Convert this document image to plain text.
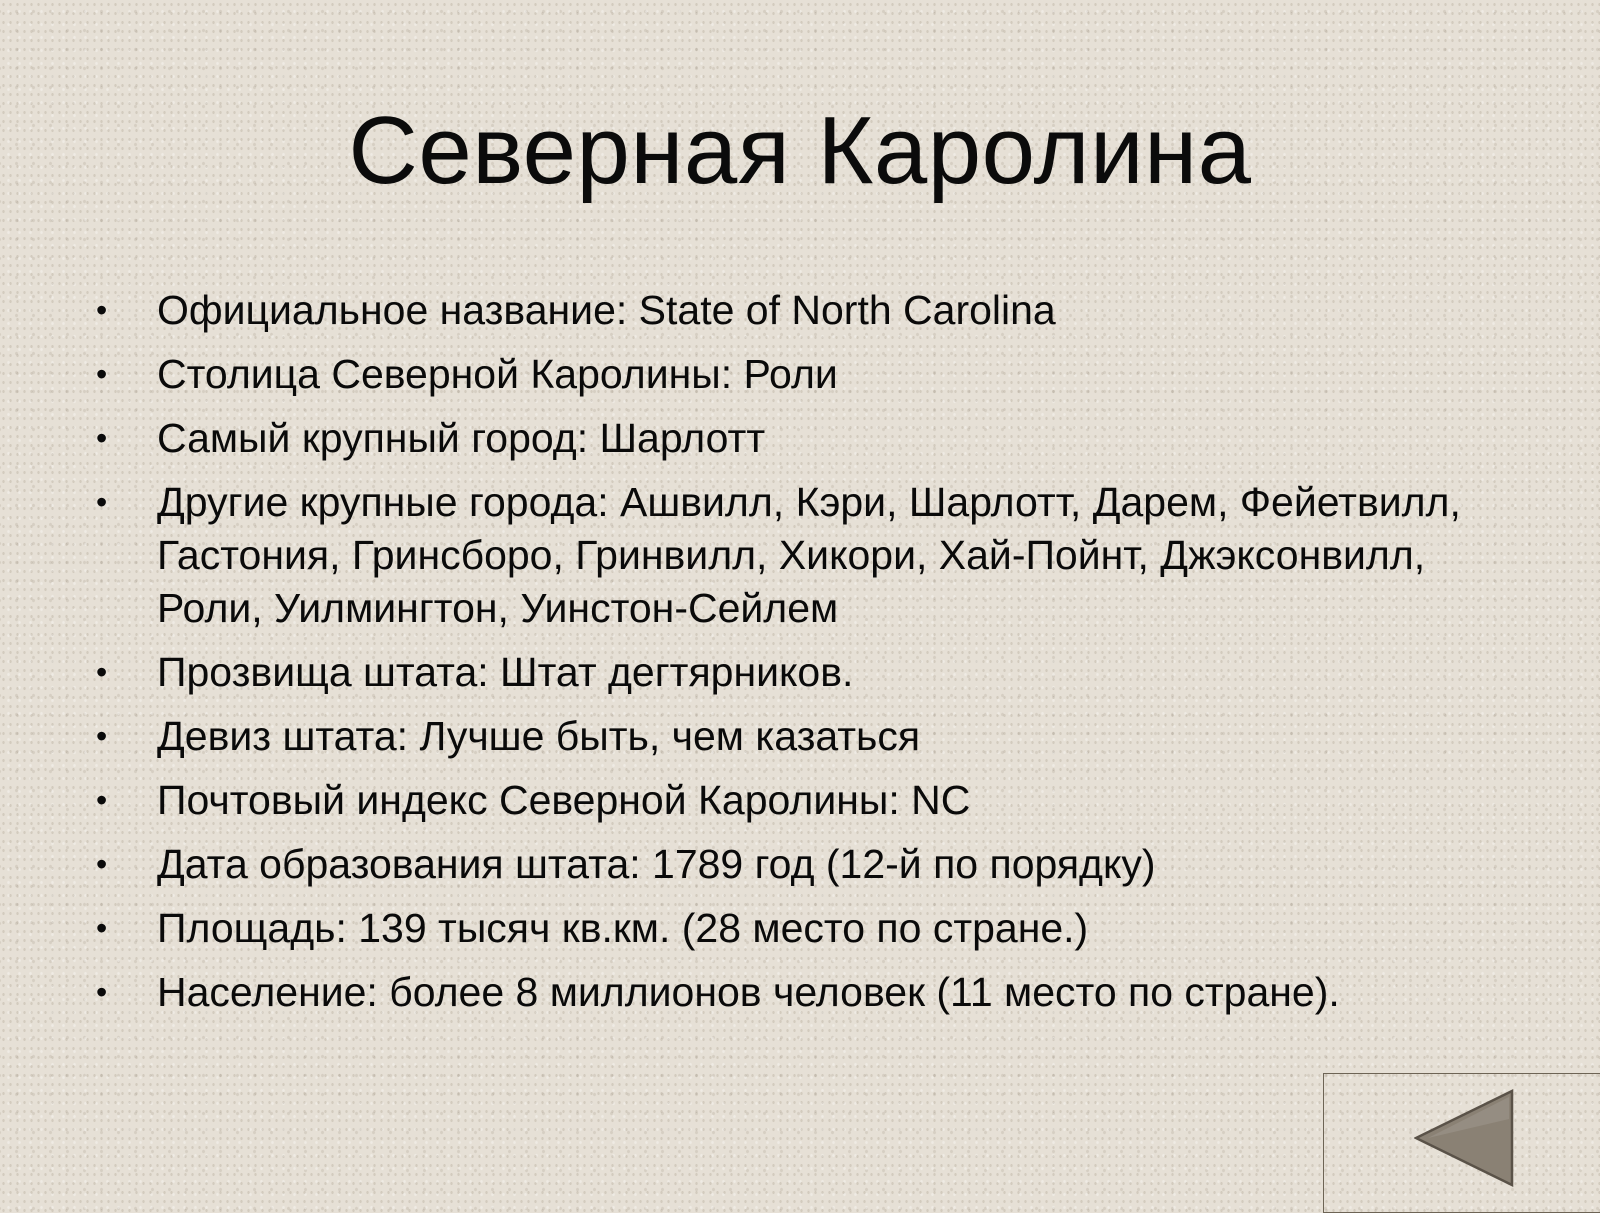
Северная Каролина
• Официальное название: State of North Carolina
• Столица Северной Каролины: Роли
• Самый крупный город: Шарлотт
• Другие крупные города: Ашвилл, Кэри, Шарлотт, Дарем, Фейетвилл, Гастония, Гринсборо, Гринвилл, Хикори, Хай-Пойнт, Джэксонвилл, Роли, Уилмингтон, Уинстон-Сейлем
• Прозвища штата: Штат дегтярников.
• Девиз штата: Лучше быть, чем казаться
• Почтовый индекс Северной Каролины: NC
• Дата образования штата: 1789 год (12-й по порядку)
• Площадь: 139 тысяч кв.км. (28 место по стране.)
• Население: более 8 миллионов человек (11 место по стране).
